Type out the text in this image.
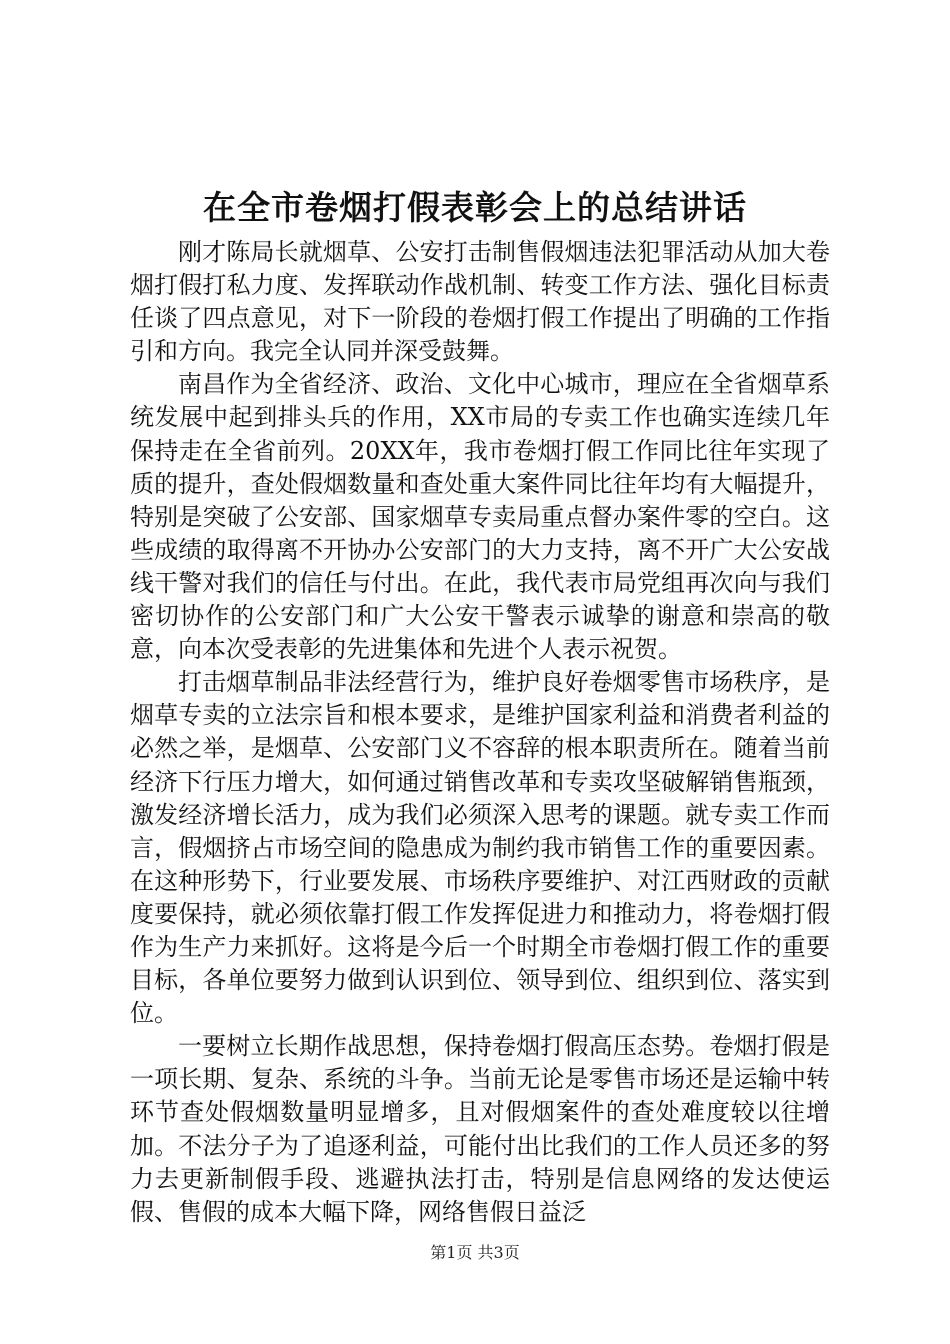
在全市卷烟打假表彰会上的总结讲话

刚才陈局长就烟草、公安打击制售假烟违法犯罪活动从加大卷烟打假打私力度、发挥联动作战机制、转变工作方法、强化目标责任谈了四点意见，对下一阶段的卷烟打假工作提出了明确的工作指引和方向。我完全认同并深受鼓舞。

南昌作为全省经济、政治、文化中心城市，理应在全省烟草系统发展中起到排头兵的作用，XX市局的专卖工作也确实连续几年保持走在全省前列。20XX年，我市卷烟打假工作同比往年实现了质的提升，查处假烟数量和查处重大案件同比往年均有大幅提升，特别是突破了公安部、国家烟草专卖局重点督办案件零的空白。这些成绩的取得离不开协办公安部门的大力支持，离不开广大公安战线干警对我们的信任与付出。在此，我代表市局党组再次向与我们密切协作的公安部门和广大公安干警表示诚挚的谢意和崇高的敬意，向本次受表彰的先进集体和先进个人表示祝贺。

打击烟草制品非法经营行为，维护良好卷烟零售市场秩序，是烟草专卖的立法宗旨和根本要求，是维护国家利益和消费者利益的必然之举，是烟草、公安部门义不容辞的根本职责所在。随着当前经济下行压力增大，如何通过销售改革和专卖攻坚破解销售瓶颈，激发经济增长活力，成为我们必须深入思考的课题。就专卖工作而言，假烟挤占市场空间的隐患成为制约我市销售工作的重要因素。在这种形势下，行业要发展、市场秩序要维护、对江西财政的贡献度要保持，就必须依靠打假工作发挥促进力和推动力，将卷烟打假作为生产力来抓好。这将是今后一个时期全市卷烟打假工作的重要目标，各单位要努力做到认识到位、领导到位、组织到位、落实到位。

一要树立长期作战思想，保持卷烟打假高压态势。卷烟打假是一项长期、复杂、系统的斗争。当前无论是零售市场还是运输中转环节查处假烟数量明显增多，且对假烟案件的查处难度较以往增加。不法分子为了追逐利益，可能付出比我们的工作人员还多的努力去更新制假手段、逃避执法打击，特别是信息网络的发达使运假、售假的成本大幅下降，网络售假日益泛

第1页 共3页
